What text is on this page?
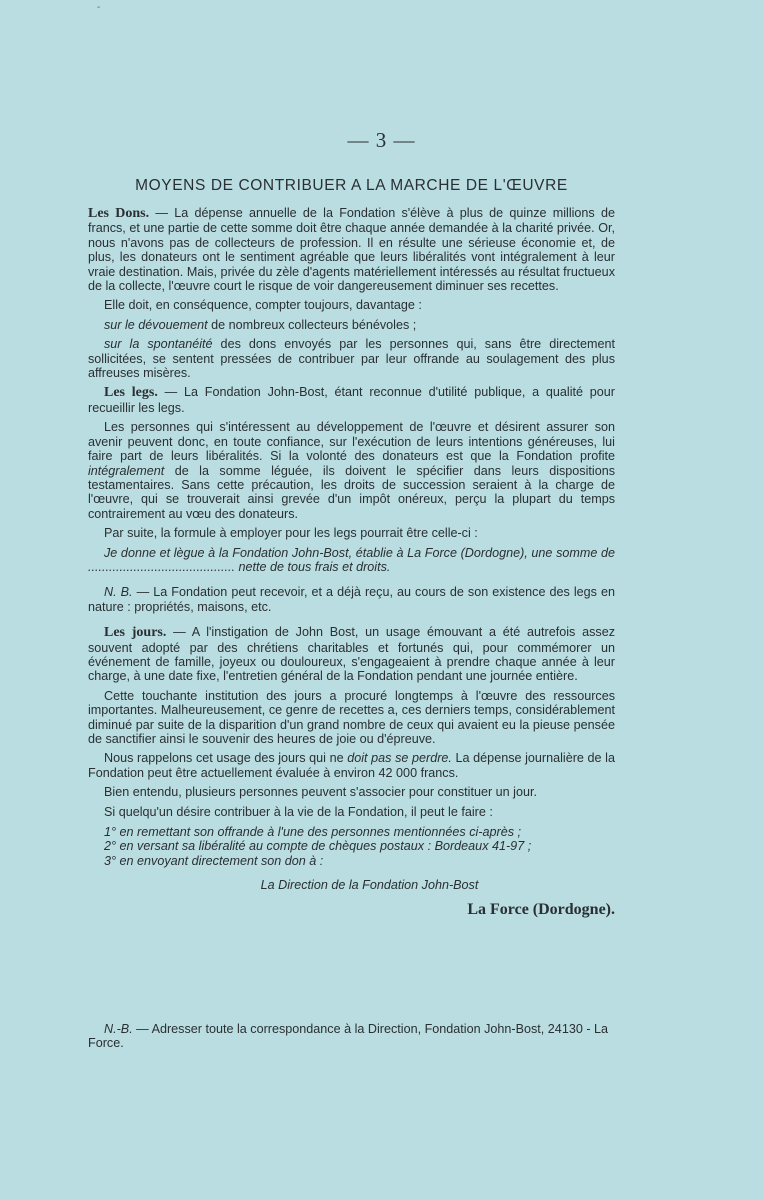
-
— 3 —
MOYENS DE CONTRIBUER A LA MARCHE DE L'ŒUVRE

Les Dons. — La dépense annuelle de la Fondation s'élève à plus de quinze millions de francs, et une partie de cette somme doit être chaque année demandée à la charité privée. Or, nous n'avons pas de collecteurs de profession. Il en résulte une sérieuse économie et, de plus, les donateurs ont le sentiment agréable que leurs libéralités vont intégralement à leur vraie destination. Mais, privée du zèle d'agents matériellement intéressés au résultat fructueux de la collecte, l'œuvre court le risque de voir dangereusement diminuer ses recettes.

Elle doit, en conséquence, compter toujours, davantage :

sur le dévouement de nombreux collecteurs bénévoles ;

sur la spontanéité des dons envoyés par les personnes qui, sans être directement sollicitées, se sentent pressées de contribuer par leur offrande au soulagement des plus affreuses misères.

Les legs. — La Fondation John-Bost, étant reconnue d'utilité publique, a qualité pour recueillir les legs.

Les personnes qui s'intéressent au développement de l'œuvre et désirent assurer son avenir peuvent donc, en toute confiance, sur l'exécution de leurs intentions généreuses, lui faire part de leurs libéralités. Si la volonté des donateurs est que la Fondation profite intégralement de la somme léguée, ils doivent le spécifier dans leurs dispositions testamentaires. Sans cette précaution, les droits de succession seraient à la charge de l'œuvre, qui se trouverait ainsi grevée d'un impôt onéreux, perçu la plupart du temps contrairement au vœu des donateurs.

Par suite, la formule à employer pour les legs pourrait être celle-ci :

Je donne et lègue à la Fondation John-Bost, établie à La Force (Dordogne), une somme de .......................................... nette de tous frais et droits.

N. B. — La Fondation peut recevoir, et a déjà reçu, au cours de son existence des legs en nature : propriétés, maisons, etc.

Les jours. — A l'instigation de John Bost, un usage émouvant a été autrefois assez souvent adopté par des chrétiens charitables et fortunés qui, pour commémorer un événement de famille, joyeux ou douloureux, s'engageaient à prendre chaque année à leur charge, à une date fixe, l'entretien général de la Fondation pendant une journée entière.

Cette touchante institution des jours a procuré longtemps à l'œuvre des ressources importantes. Malheureusement, ce genre de recettes a, ces derniers temps, considérablement diminué par suite de la disparition d'un grand nombre de ceux qui avaient eu la pieuse pensée de sanctifier ainsi le souvenir des heures de joie ou d'épreuve.

Nous rappelons cet usage des jours qui ne doit pas se perdre. La dépense journalière de la Fondation peut être actuellement évaluée à environ 42 000 francs.

Bien entendu, plusieurs personnes peuvent s'associer pour constituer un jour.

Si quelqu'un désire contribuer à la vie de la Fondation, il peut le faire :

1° en remettant son offrande à l'une des personnes mentionnées ci-après ;
2° en versant sa libéralité au compte de chèques postaux : Bordeaux 41-97 ;
3° en envoyant directement son don à :
La Direction de la Fondation John-Bost
La Force (Dordogne).

N.-B. — Adresser toute la correspondance à la Direction, Fondation John-Bost, 24130 - La Force.
